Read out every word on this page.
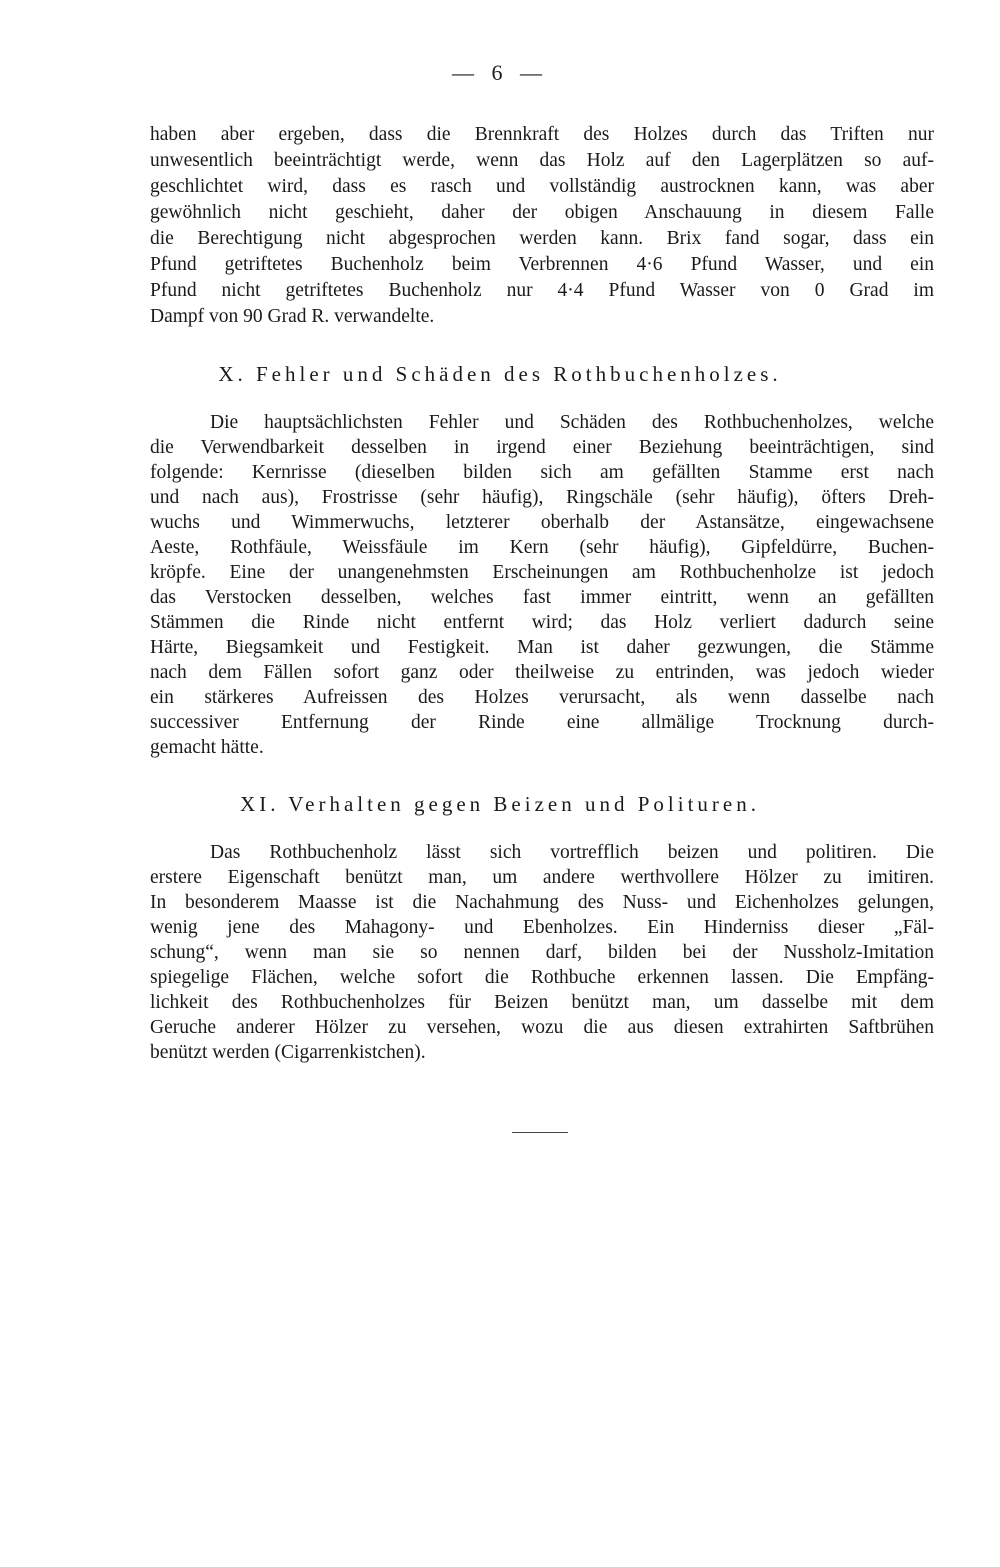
— 6 —
haben aber ergeben, dass die Brennkraft des Holzes durch das Triften nur
unwesentlich beeinträchtigt werde, wenn das Holz auf den Lagerplätzen so auf-
geschlichtet wird, dass es rasch und vollständig austrocknen kann, was aber
gewöhnlich nicht geschieht, daher der obigen Anschauung in diesem Falle
die Berechtigung nicht abgesprochen werden kann. Brix fand sogar, dass ein
Pfund getriftetes Buchenholz beim Verbrennen 4·6 Pfund Wasser, und ein
Pfund nicht getriftetes Buchenholz nur 4·4 Pfund Wasser von 0 Grad im
Dampf von 90 Grad R. verwandelte.
X. Fehler und Schäden des Rothbuchenholzes.
Die hauptsächlichsten Fehler und Schäden des Rothbuchenholzes, welche
die Verwendbarkeit desselben in irgend einer Beziehung beeinträchtigen, sind
folgende: Kernrisse (dieselben bilden sich am gefällten Stamme erst nach
und nach aus), Frostrisse (sehr häufig), Ringschäle (sehr häufig), öfters Dreh-
wuchs und Wimmerwuchs, letzterer oberhalb der Astansätze, eingewachsene
Aeste, Rothfäule, Weissfäule im Kern (sehr häufig), Gipfeldürre, Buchen-
kröpfe. Eine der unangenehmsten Erscheinungen am Rothbuchenholze ist jedoch
das Verstocken desselben, welches fast immer eintritt, wenn an gefällten
Stämmen die Rinde nicht entfernt wird; das Holz verliert dadurch seine
Härte, Biegsamkeit und Festigkeit. Man ist daher gezwungen, die Stämme
nach dem Fällen sofort ganz oder theilweise zu entrinden, was jedoch wieder
ein stärkeres Aufreissen des Holzes verursacht, als wenn dasselbe nach
successiver Entfernung der Rinde eine allmälige Trocknung durch-
gemacht hätte.
XI. Verhalten gegen Beizen und Polituren.
Das Rothbuchenholz lässt sich vortrefflich beizen und politiren. Die
erstere Eigenschaft benützt man, um andere werthvollere Hölzer zu imitiren.
In besonderem Maasse ist die Nachahmung des Nuss- und Eichenholzes gelungen,
wenig jene des Mahagony- und Ebenholzes. Ein Hinderniss dieser „Fäl-
schung“, wenn man sie so nennen darf, bilden bei der Nussholz-Imitation
spiegelige Flächen, welche sofort die Rothbuche erkennen lassen. Die Empfäng-
lichkeit des Rothbuchenholzes für Beizen benützt man, um dasselbe mit dem
Geruche anderer Hölzer zu versehen, wozu die aus diesen extrahirten Saftbrühen
benützt werden (Cigarrenkistchen).
